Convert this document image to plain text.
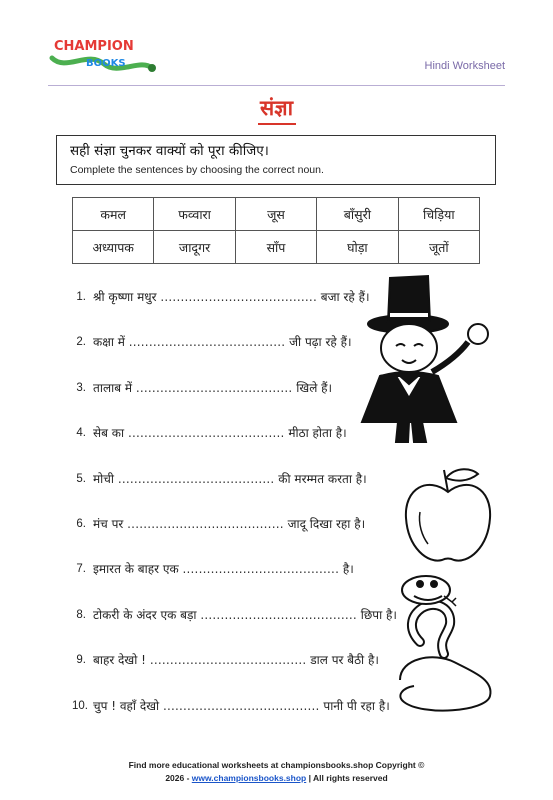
CHAMPION
BOOKS	Hindi Worksheet
संज्ञा
सही संज्ञा चुनकर वाक्यों को पूरा कीजिए।
Complete the sentences by choosing the correct noun.
कमल	फव्वारा	जूस	बाँसुरी	चिड़िया
अध्यापक	जादूगर	साँप	घोड़ा	जूतों
1. श्री कृष्णा मधुर ....................................... बजा रहे हैं।
2. कक्षा में ....................................... जी पढ़ा रहे हैं।
3. तालाब में ....................................... खिले हैं।
4. सेब का ....................................... मीठा होता है।
5. मोची ....................................... की मरम्मत करता है।
6. मंच पर ....................................... जादू दिखा रहा है।
7. इमारत के बाहर एक ....................................... है।
8. टोकरी के अंदर एक बड़ा ....................................... छिपा है।
9. बाहर देखो ! ....................................... डाल पर बैठी है।
10. चुप ! वहाँ देखो ....................................... पानी पी रहा है।
Find more educational worksheets at championsbooks.shop Copyright ©
2026 - www.championsbooks.shop | All rights reserved
